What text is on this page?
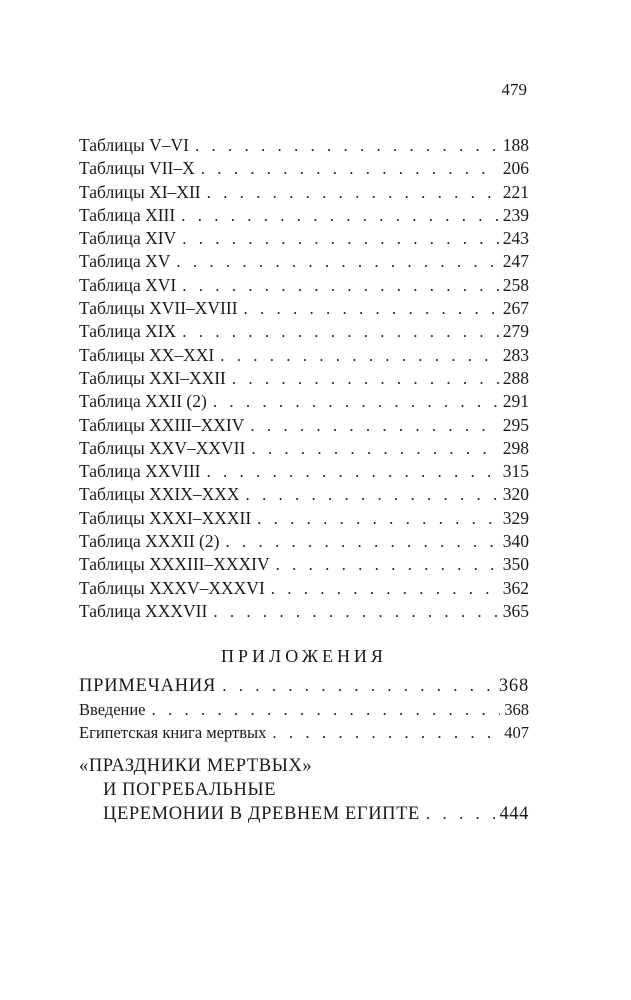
479
Таблицы V–VI . . .	188
Таблицы VII–X . . .	206
Таблицы XI–XII . . .	221
Таблица XIII . . .	239
Таблица XIV . . .	243
Таблица XV . . .	247
Таблица XVI . . .	258
Таблицы XVII–XVIII . . .	267
Таблица XIX . . .	279
Таблицы XX–XXI . . .	283
Таблицы XXI–XXII . . .	288
Таблица XXII (2) . . .	291
Таблицы XXIII–XXIV . . .	295
Таблицы XXV–XXVII . . .	298
Таблица XXVIII . . .	315
Таблицы XXIX–XXX . . .	320
Таблицы XXXI–XXXII . . .	329
Таблица XXXII (2) . . .	340
Таблицы XXXIII–XXXIV . . .	350
Таблицы XXXV–XXXVI . . .	362
Таблица XXXVII . . .	365
ПРИЛОЖЕНИЯ
ПРИМЕЧАНИЯ . . .	368
Введение . . .	368
Египетская книга мертвых . . .	407
«ПРАЗДНИКИ МЕРТВЫХ»
И ПОГРЕБАЛЬНЫЕ
ЦЕРЕМОНИИ В ДРЕВНЕМ ЕГИПТЕ . . .	444
